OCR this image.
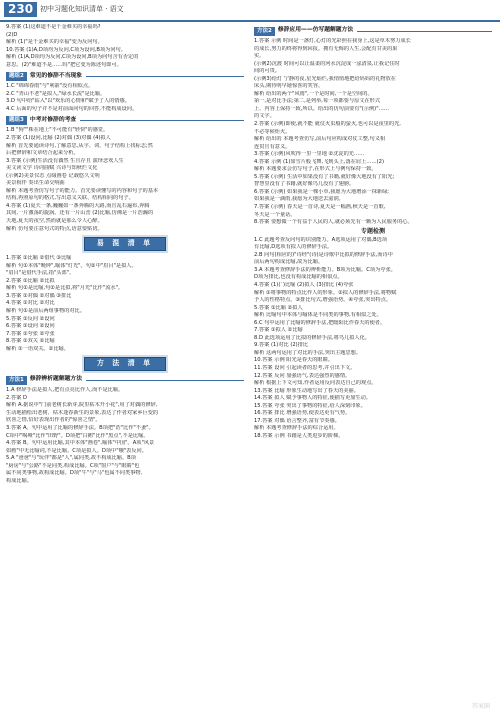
230 初中习题化知识清单 · 语文
9.答案 (1)这难道不是千金难买的幸福吗?
(2)D
解析 (1)"是千金难买的幸福"变为反问句。
10.答案 (1)A,D项均为反问,C项为设问,B项为问句。
解析 (1)A,D项均为反问,C项为设问,B项为问句含有否定的
意思。(2)"难道不是……吗"把它变为陈述句即可。
题组2	常见的修辞不当现象
1.C "绵绵春雨"与"利箭"没有相似点。
2.C "青山不老"是拟人,"绿水长流"是比喻。
3.D 句中给"钻入"以"欢乐的心情和"赋予了人的情感。
4.C 后面的句子并不是对前面问句的回答,不能构成设问。
题组3	中考对修辞的考查
1.B "狗""株在地上"不可能有"轻快"的感觉。
2.答案 (1)设问,比喻 (2)对偶 (3)对偶 (4)拟人
解析 首先要通读诗句,了解意思,从字、词、句子结构上找标志;然
后把修辞和文章结合起来分析。
3.答案 (示例)生活没有偶然 生且存且 演绎悲欢人生
美文读文学 诗词曲赋 兴诗与知秋烂文化
(示例2)美景仪态 点缀画卷 记载悠久文明
美景相伴 奏出生命交响曲
解析 本题考查仿写句子的能力。首先要读懂写的内容和句子的基本
结构,再照原句的格式,写出意义关联、结构相同的句子。
4.答案 (1)夏天一条,巍巍如一条奔腾的大路,而且乱石遍布,奔腾
其间,一片激荡的旋涡。还有一片山峦 (2)比喻,仿佛是一片浩瀚的
天地,夏天的夜空,然而就是那么令人心醉。
解析 仿句要注意句式的特点,语意要贴切。
易 混 清 单
1.答案 ①比喻 ②借代 ③比喻
解析 句①本体"晚钟",喻体"灯光"。句②中"眉目"是拟人。
"眉目"是借代手法,指"头部"。
2.答案 ①比喻 ②比拟
解析 句①是比喻,句②是比拟,将"月光"比作"流水"。
3.答案 ①对偶 ②对偶 ③排比
4.答案 ①对比 ②对比
解析 句①是前后两组事物的对比。
5.答案 ①反问 ②设问
6.答案 ①设问 ②设问
7.答案 ①夸张 ②夸张
8.答案 ①双关 ②比喻
解析 ①一语双关。②比喻。
方 法 清 单
方法1	修辞辨析题解题方法
1.A 修辞手法是拟人,把有点亮比作人,而不是比喻。
2.答案 D
解析 A.据说中"门前老树长新芽,院里枯木开小花",用了对偶的修辞,
生动地描绘出老树、枯木逢春新生的景象,表达了作者对家乡巨变的
欣喜之情,恰好表现出作者的"惊喜之情"。
3.答案 A。句中运用了比喻的修辞手法。B项把"浩"比作"不蚤"。
C项中"喝哑"比作"田野"。D项把"白鹅"比作"黑点",不是比喻。
4.答案 B。句中运用比喻,其中本体"画卷",喻体"中国"。A项"风景
如画"中无比喻词,不是比喻。C项是拟人。D项中"哦"表反问。
5.A "爸爸"与"玩伴"都是"人",属同类,故不构成比喻。B项
"厨房"与"公路"不是同类,构成比喻。C项"窗户"与"眼睛"也
属不同类事物,故构成比喻。D项"牛"与"马"也属不同类事物,
构成比喻。
方法2	修辞应用——仿写题解题方法
1.答案 示例 时间是一盏灯,心灯的光彩照在我身上,这是草木努力成长
的成长,努力的终将得到回报。拥有无悔的人生,会配有甘美的果
实。
(示例2)沉渡 时间可以让温柔的河水沉淀成一泓清泉,让我记住时
间的可贵。
(示例3)给灯 宁静的夜,星光灿烂,我悄悄地把给妈妈的礼物放在
床头,期待明早她惊喜的笑容。
解析 给出的两个"风雨",一个是时间,一个是空间的。
第一,是对比手法;第二,是列举,每一项都要与原文在形式
上、内容上保持一致,所以。给出的仿句前要有"(示例)"……
的文字。
2.答案 (示例)即使,就不能 就仗火虫般的萤火,也可以是夜里的光,
不必等候炬火。
解析 给出的 本题考查仿写,前后句应构成对仗工整,句义相
连贯且有意义。
3.答案 (示例)风吹得一里一里地 ②沈淀的光……
4.答案 示例 (1)如雪片般飞舞,飞到头上,落在肩上……(2)
解析 本题要求会仿写句子,在形式上与例句保持一致。
5.答案 (示例) 生活中如果没有了书籍,就好像大地没有了阳光;
智慧里没有了书籍,就好像鸟儿没有了翅膀。
6.答案 (示例) 如果我是一棵小草,我愿为大地增添一抹新绿;
如果我是一滴雨,我愿为大地送去滋润。
7.答案 (示例) 春天是一首诗,夏天是一幅画,秋天是一首歌,
冬天是一个童话。
8.答案 要想做一个有益于人民的人,就必须先有一颗为人民服务的心。
专题检测
1.C 此题考查反问句的识别能力。A选项运用了对偶,B选项
有比喻,D选项有拟人的修辞手法。
2.B 问句(相应的)"诗经"(诗)是诗歌中比拟的修辞手法,而诗中
前后两句构成比喻,故为比喻。
3.A 本题考查修辞手法的辨析能力。B项为比喻。C项为夸张。
D项为排比,也没有构成比喻的相似点。
4.答案 (1)(ˇ)比喻 (2)拟人 (3)排比 (4)夸张
解析 ①将事物的特点比作人的形象。②拟人的修辞手法,将物赋
予人的性格特点。③排比句式,增强语势。④夸张,突出特点。
5.答案 ①比喻 ②拟人
解析 比喻句中本体与喻体是不同类的事物,有相似之处。
6.C 句中运用了比喻的修辞手法,把暖阳比作春天的使者。
7.答案 ①拟人 ②比喻
8.D 此选项运用了比拟的修辞手法,将鸟儿拟人化。
9.答案 (1)对比 (2)排比
解析 这两句运用了对比的手法,突出主题思想。
10.答案 示例 阳光是春天的眼睛。
11.答案 设问 引起读者的思考,并引出下文。
12.答案 反问 加强语气,表达强烈的感情。
解析 根据上下文可知,作者运用反问表达自己的观点。
13.答案 比喻 形象生动地写出了春天的美丽。
14.答案 拟人 赋予事物人的特征,使描写更加生动。
15.答案 夸张 突出了事物的特征,给人深刻印象。
16.答案 排比 增强语势,使表达更有气势。
17.答案 对偶 语言整齐,富有节奏感。
解析 本题考查修辞手法的综合运用。
18.答案 示例 书籍是人类进步的阶梯。
答案圈
